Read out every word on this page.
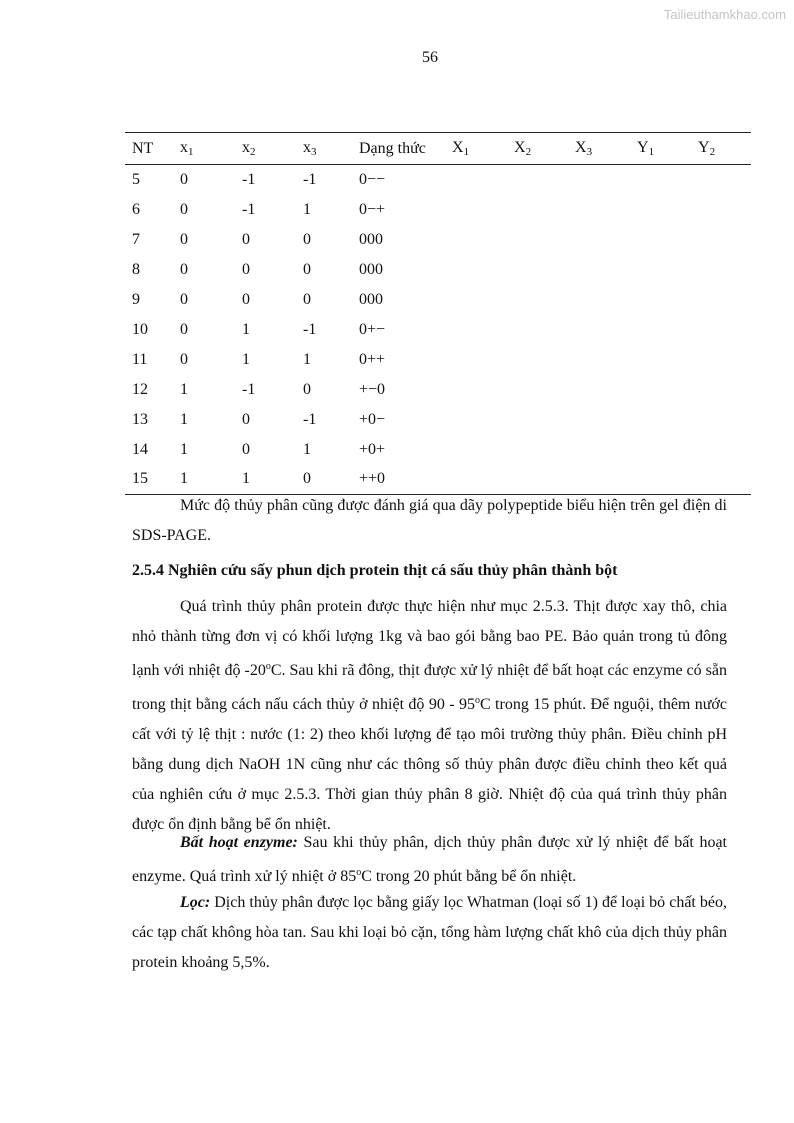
Tailieuthamkhao.com
56
NT	$x_1$	$x_2$	$x_3$	Dạng thức	$X_1$	$X_2$	$X_3$	$Y_1$	$Y_2$
5	0	-1	-1	0−−					
6	0	-1	1	0−+					
7	0	0	0	000					
8	0	0	0	000					
9	0	0	0	000					
10	0	1	-1	0+−					
11	0	1	1	0++					
12	1	-1	0	+−0					
13	1	0	-1	+0−					
14	1	0	1	+0+					
15	1	1	0	++0					

Mức độ thủy phân cũng được đánh giá qua dãy polypeptide biểu hiện trên gel điện di SDS-PAGE.

2.5.4 Nghiên cứu sấy phun dịch protein thịt cá sấu thủy phân thành bột

Quá trình thủy phân protein được thực hiện như mục 2.5.3. Thịt được xay thô, chia nhỏ thành từng đơn vị có khối lượng 1kg và bao gói bằng bao PE. Bảo quản trong tủ đông lạnh với nhiệt độ -20$^o$C. Sau khi rã đông, thịt được xử lý nhiệt để bất hoạt các enzyme có sẵn trong thịt bằng cách nấu cách thủy ở nhiệt độ 90 - 95$^o$C trong 15 phút. Để nguội, thêm nước cất với tỷ lệ thịt : nước (1: 2) theo khối lượng để tạo môi trường thủy phân. Điều chỉnh pH bằng dung dịch NaOH 1N cũng như các thông số thủy phân được điều chỉnh theo kết quả của nghiên cứu ở mục 2.5.3. Thời gian thủy phân 8 giờ. Nhiệt độ của quá trình thủy phân được ổn định bằng bể ổn nhiệt.

Bất hoạt enzyme: Sau khi thủy phân, dịch thủy phân được xử lý nhiệt để bất hoạt enzyme. Quá trình xử lý nhiệt ở 85$^o$C trong 20 phút bằng bể ổn nhiệt.

Lọc: Dịch thủy phân được lọc bằng giấy lọc Whatman (loại số 1) để loại bỏ chất béo, các tạp chất không hòa tan. Sau khi loại bỏ cặn, tổng hàm lượng chất khô của dịch thủy phân protein khoảng 5,5%.
